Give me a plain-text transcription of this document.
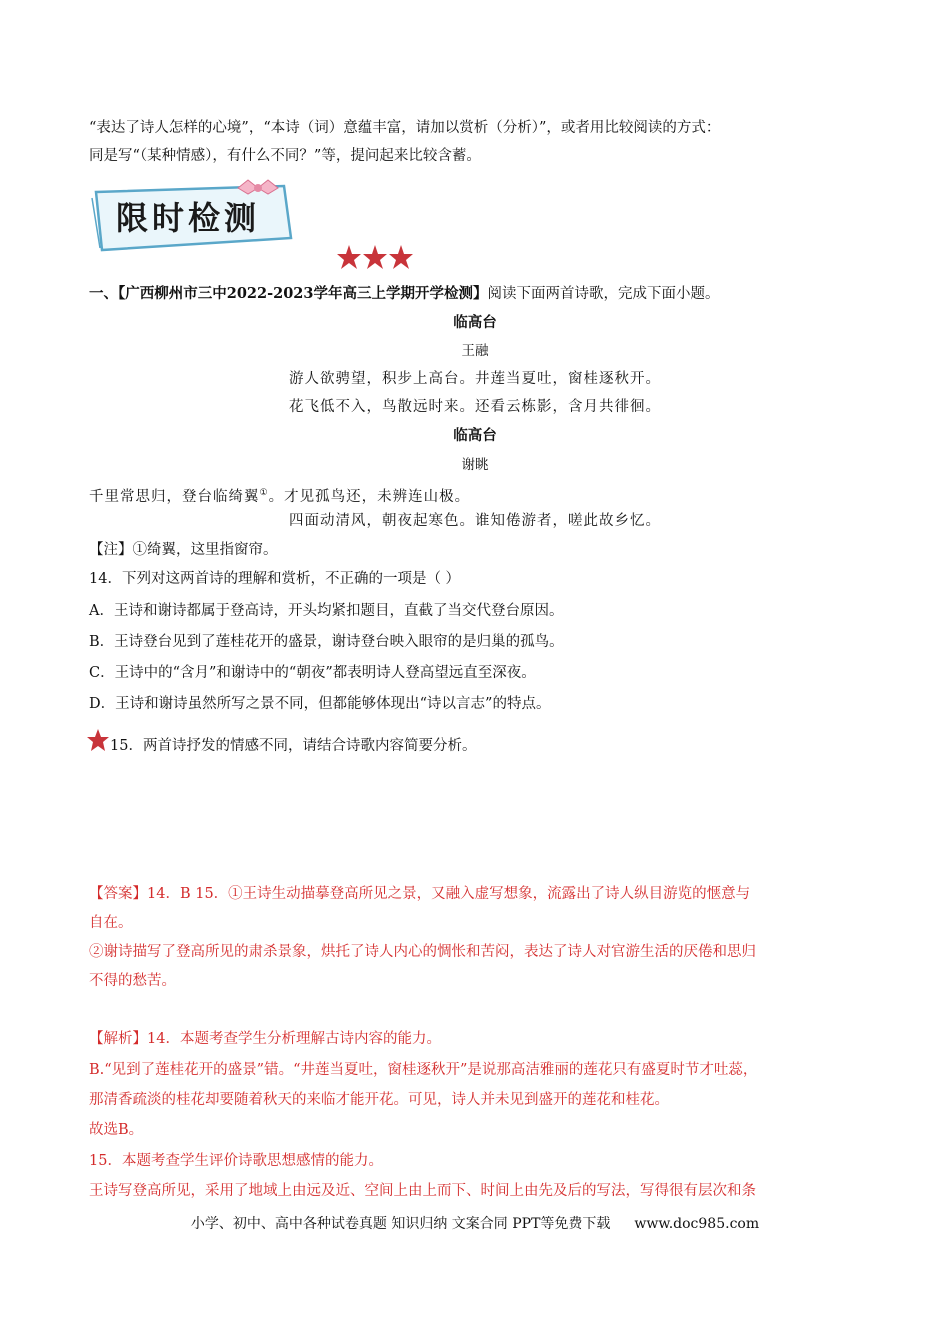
“表达了诗人怎样的心境”，“本诗（词）意蕴丰富，请加以赏析（分析）”，或者用比较阅读的方式：
同是写“（某种情感），有什么不同？”等，提问起来比较含蓄。
限时检测
一、【广西柳州市三中2022-2023学年高三上学期开学检测】阅读下面两首诗歌，完成下面小题。
临高台
王融
游人欲骋望，积步上高台。井莲当夏吐，窗桂逐秋开。
花飞低不入，鸟散远时来。还看云栋影，含月共徘徊。
临高台
谢眺
千里常思归，登台临绮翼①。才见孤鸟还，未辨连山极。
四面动清风，朝夜起寒色。谁知倦游者，嗟此故乡忆。
【注】①绮翼，这里指窗帘。
14．下列对这两首诗的理解和赏析，不正确的一项是（ ）
A．王诗和谢诗都属于登高诗，开头均紧扣题目，直截了当交代登台原因。
B．王诗登台见到了莲桂花开的盛景，谢诗登台映入眼帘的是归巢的孤鸟。
C．王诗中的“含月”和谢诗中的“朝夜”都表明诗人登高望远直至深夜。
D．王诗和谢诗虽然所写之景不同，但都能够体现出“诗以言志”的特点。
15．两首诗抒发的情感不同，请结合诗歌内容简要分析。
【答案】14．B 15．①王诗生动描摹登高所见之景，又融入虚写想象，流露出了诗人纵目游览的惬意与
自在。
②谢诗描写了登高所见的肃杀景象，烘托了诗人内心的惆怅和苦闷，表达了诗人对官游生活的厌倦和思归
不得的愁苦。
【解析】14．本题考查学生分析理解古诗内容的能力。
B.“见到了莲桂花开的盛景”错。“井莲当夏吐，窗桂逐秋开”是说那高洁雅丽的莲花只有盛夏时节才吐蕊，
那清香疏淡的桂花却要随着秋天的来临才能开花。可见，诗人并未见到盛开的莲花和桂花。
故选B。
15．本题考查学生评价诗歌思想感情的能力。
王诗写登高所见，采用了地域上由远及近、空间上由上而下、时间上由先及后的写法，写得很有层次和条
小学、初中、高中各种试卷真题 知识归纳 文案合同 PPT等免费下载 www.doc985.com
